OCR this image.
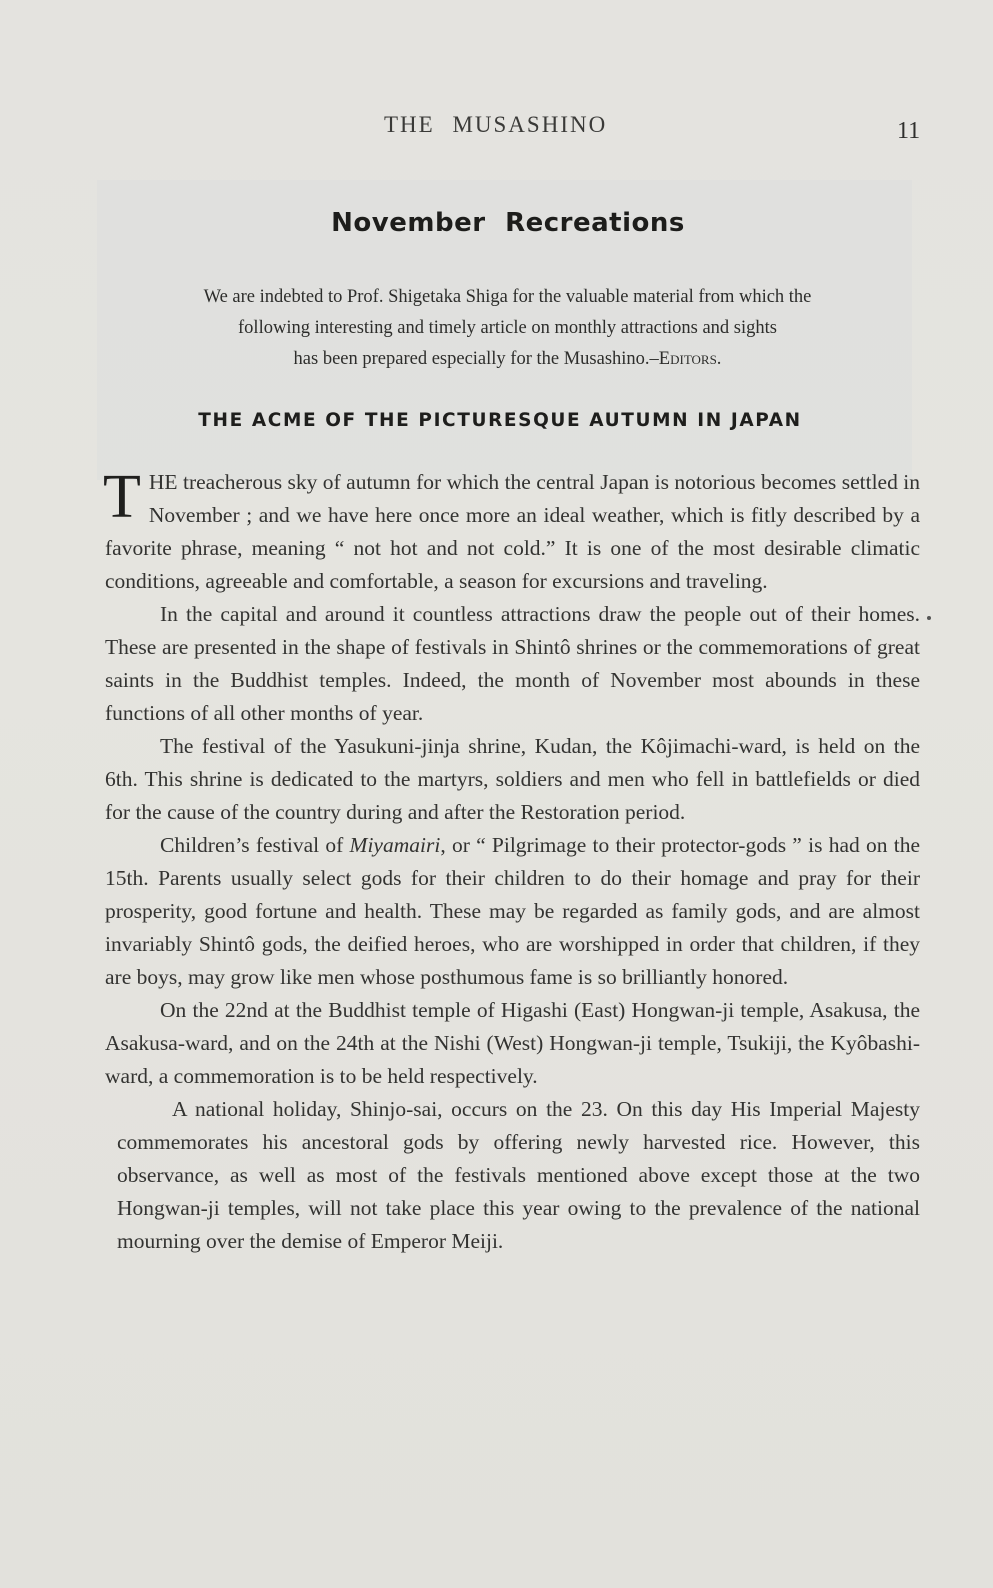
THE MUSASHINO	11
November Recreations
We are indebted to Prof. Shigetaka Shiga for the valuable material from which the
following interesting and timely article on monthly attractions and sights
has been prepared especially for the Musashino.–Editors.
THE ACME OF THE PICTURESQUE AUTUMN IN JAPAN

THE treacherous sky of autumn for which the central Japan is notorious becomes settled in November ; and we have here once more an ideal weather, which is fitly described by a favorite phrase, meaning “ not hot and not cold.” It is one of the most desirable climatic conditions, agreeable and comfortable, a season for excursions and traveling.

In the capital and around it countless attractions draw the people out of their homes. These are presented in the shape of festivals in Shintô shrines or the commemorations of great saints in the Buddhist temples. Indeed, the month of November most abounds in these functions of all other months of year.

The festival of the Yasukuni-jinja shrine, Kudan, the Kôjimachi-ward, is held on the 6th. This shrine is dedicated to the martyrs, soldiers and men who fell in battlefields or died for the cause of the country during and after the Restoration period.

Children’s festival of Miyamairi, or “ Pilgrimage to their protector-gods ” is had on the 15th. Parents usually select gods for their children to do their homage and pray for their prosperity, good fortune and health. These may be regarded as family gods, and are almost invariably Shintô gods, the deified heroes, who are worshipped in order that children, if they are boys, may grow like men whose posthumous fame is so brilliantly honored.

On the 22nd at the Buddhist temple of Higashi (East) Hongwan-ji temple, Asakusa, the Asakusa-ward, and on the 24th at the Nishi (West) Hongwan-ji temple, Tsukiji, the Kyôbashi-ward, a commemoration is to be held respectively.

A national holiday, Shinjo-sai, occurs on the 23. On this day His Imperial Majesty commemorates his ancestoral gods by offering newly harvested rice. However, this observance, as well as most of the festivals mentioned above except those at the two Hongwan-ji temples, will not take place this year owing to the prevalence of the national mourning over the demise of Emperor Meiji.
